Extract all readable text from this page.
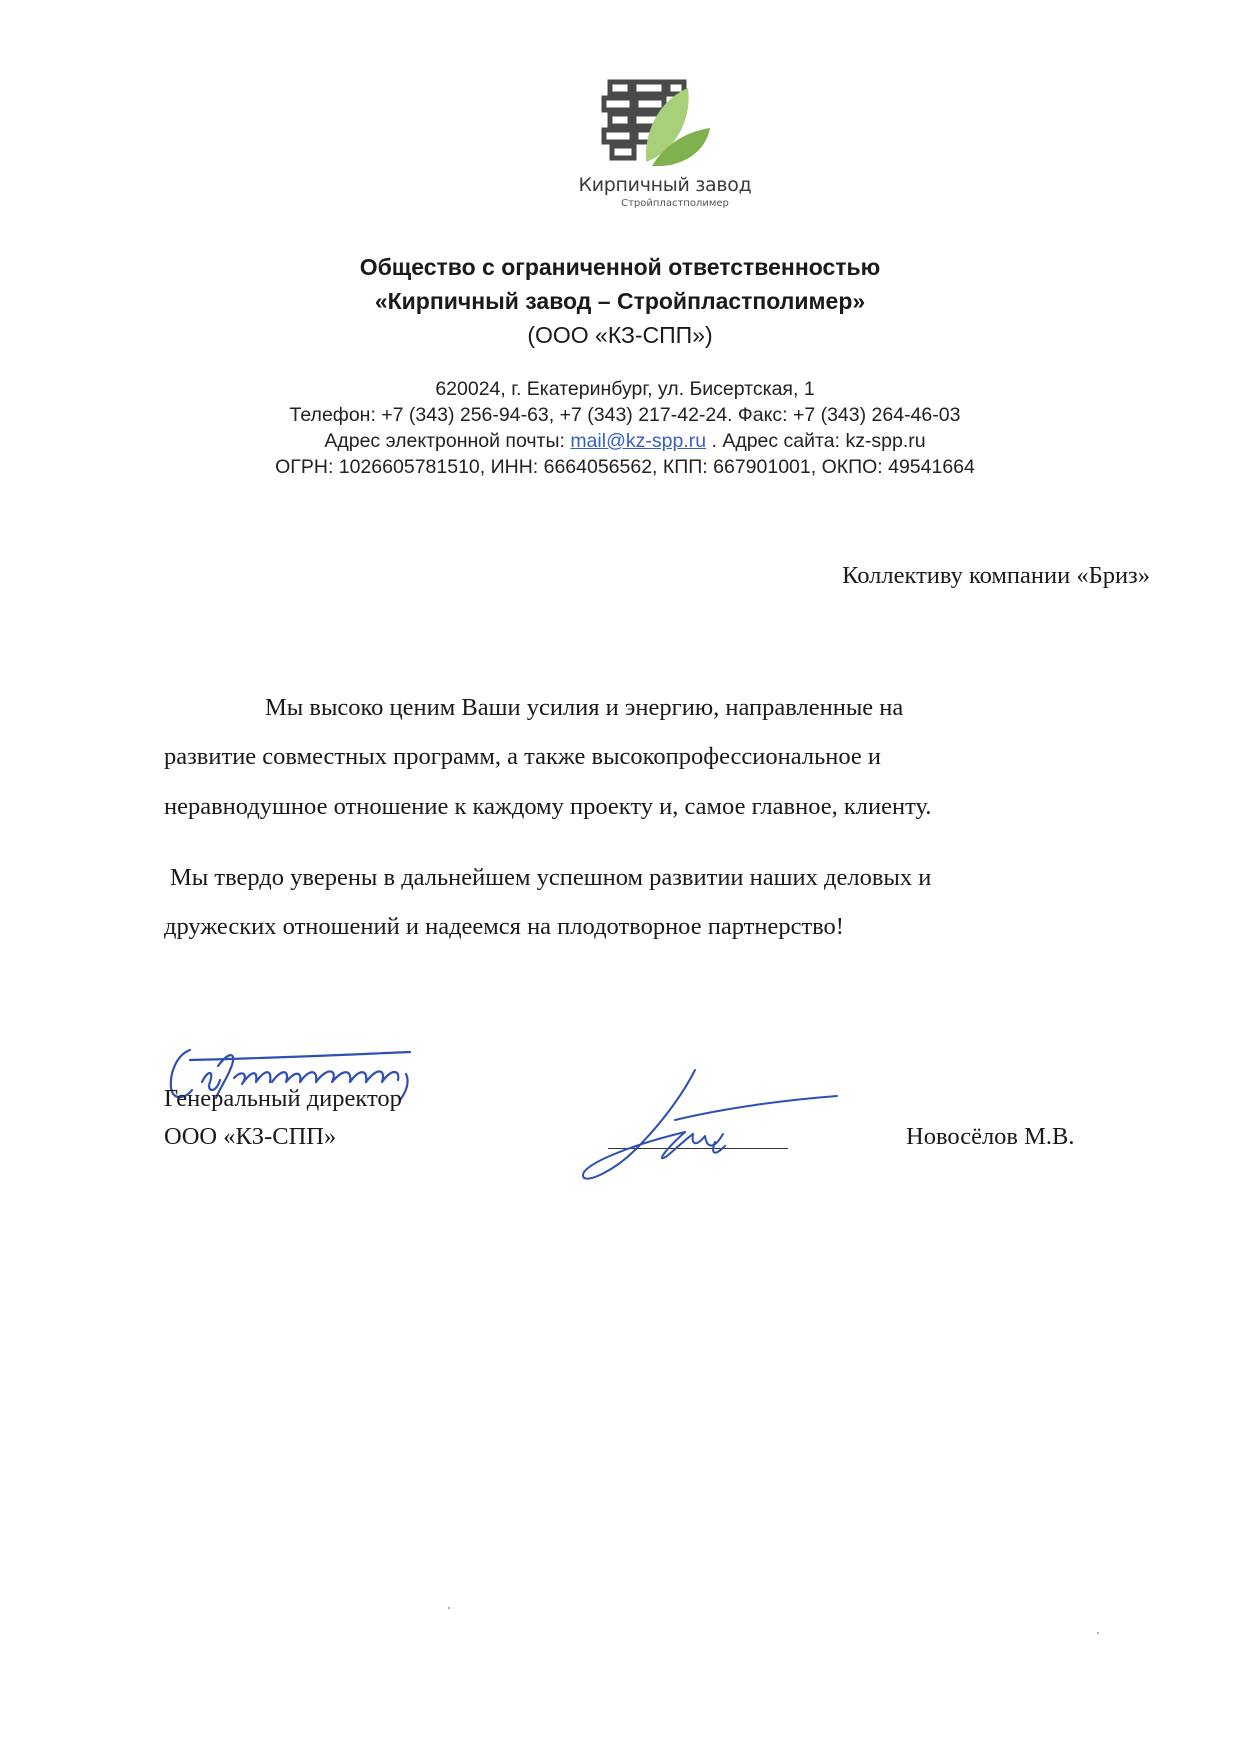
Кирпичный завод
Стройпластполимер
Общество с ограниченной ответственностью
«Кирпичный завод – Стройпластполимер»
(ООО «КЗ-СПП»)
620024, г. Екатеринбург, ул. Бисертская, 1
Телефон: +7 (343) 256-94-63, +7 (343) 217-42-24. Факс: +7 (343) 264-46-03
Адрес электронной почты: mail@kz-spp.ru . Адрес сайта: kz-spp.ru
ОГРН: 1026605781510, ИНН: 6664056562, КПП: 667901001, ОКПО: 49541664
Коллективу компании «Бриз»
Мы высоко ценим Ваши усилия и энергию, направленные на
развитие совместных программ, а также высокопрофессиональное и
неравнодушное отношение к каждому проекту и, самое главное, клиенту.
Мы твердо уверены в дальнейшем успешном развитии наших деловых и
дружеских отношений и надеемся на плодотворное партнерство!
Генеральный директор
ООО «КЗ-СПП»	Новосёлов М.В.
